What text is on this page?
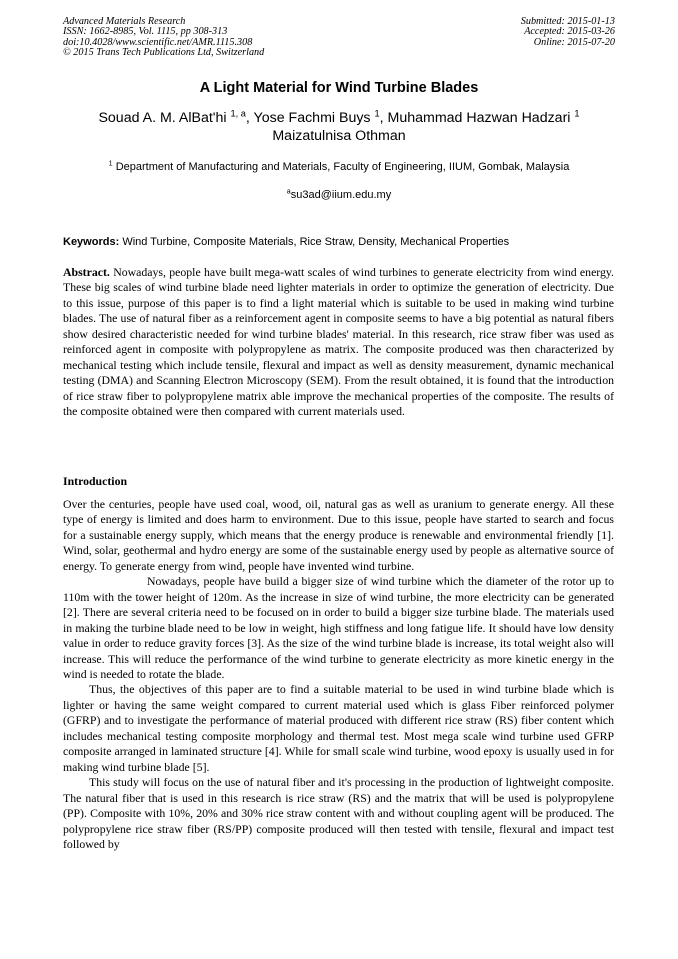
Advanced Materials Research
ISSN: 1662-8985, Vol. 1115, pp 308-313
doi:10.4028/www.scientific.net/AMR.1115.308
© 2015 Trans Tech Publications Ltd, Switzerland
Submitted: 2015-01-13
Accepted: 2015-03-26
Online: 2015-07-20
A Light Material for Wind Turbine Blades
Souad A. M. AlBat'hi $^{1, a}$, Yose Fachmi Buys $^1$, Muhammad Hazwan Hadzari $^1$
Maizatulnisa Othman
$^1$ Department of Manufacturing and Materials, Faculty of Engineering, IIUM, Gombak, Malaysia
$^a$su3ad@iium.edu.my
Keywords: Wind Turbine, Composite Materials, Rice Straw, Density, Mechanical Properties
Abstract. Nowadays, people have built mega-watt scales of wind turbines to generate electricity from wind energy. These big scales of wind turbine blade need lighter materials in order to optimize the generation of electricity. Due to this issue, purpose of this paper is to find a light material which is suitable to be used in making wind turbine blades. The use of natural fiber as a reinforcement agent in composite seems to have a big potential as natural fibers show desired characteristic needed for wind turbine blades' material. In this research, rice straw fiber was used as reinforced agent in composite with polypropylene as matrix. The composite produced was then characterized by mechanical testing which include tensile, flexural and impact as well as density measurement, dynamic mechanical testing (DMA) and Scanning Electron Microscopy (SEM). From the result obtained, it is found that the introduction of rice straw fiber to polypropylene matrix able improve the mechanical properties of the composite. The results of the composite obtained were then compared with current materials used.
Introduction

Over the centuries, people have used coal, wood, oil, natural gas as well as uranium to generate energy. All these type of energy is limited and does harm to environment. Due to this issue, people have started to search and focus for a sustainable energy supply, which means that the energy produce is renewable and environmental friendly [1]. Wind, solar, geothermal and hydro energy are some of the sustainable energy used by people as alternative source of energy. To generate energy from wind, people have invented wind turbine.

Nowadays, people have build a bigger size of wind turbine which the diameter of the rotor up to 110m with the tower height of 120m. As the increase in size of wind turbine, the more electricity can be generated [2]. There are several criteria need to be focused on in order to build a bigger size turbine blade. The materials used in making the turbine blade need to be low in weight, high stiffness and long fatigue life. It should have low density value in order to reduce gravity forces [3]. As the size of the wind turbine blade is increase, its total weight also will increase. This will reduce the performance of the wind turbine to generate electricity as more kinetic energy in the wind is needed to rotate the blade.

Thus, the objectives of this paper are to find a suitable material to be used in wind turbine blade which is lighter or having the same weight compared to current material used which is glass Fiber reinforced polymer (GFRP) and to investigate the performance of material produced with different rice straw (RS) fiber content which includes mechanical testing composite morphology and thermal test. Most mega scale wind turbine used GFRP composite arranged in laminated structure [4]. While for small scale wind turbine, wood epoxy is usually used in for making wind turbine blade [5].

This study will focus on the use of natural fiber and it's processing in the production of lightweight composite. The natural fiber that is used in this research is rice straw (RS) and the matrix that will be used is polypropylene (PP). Composite with 10%, 20% and 30% rice straw content with and without coupling agent will be produced. The polypropylene rice straw fiber (RS/PP) composite produced will then tested with tensile, flexural and impact test followed by
